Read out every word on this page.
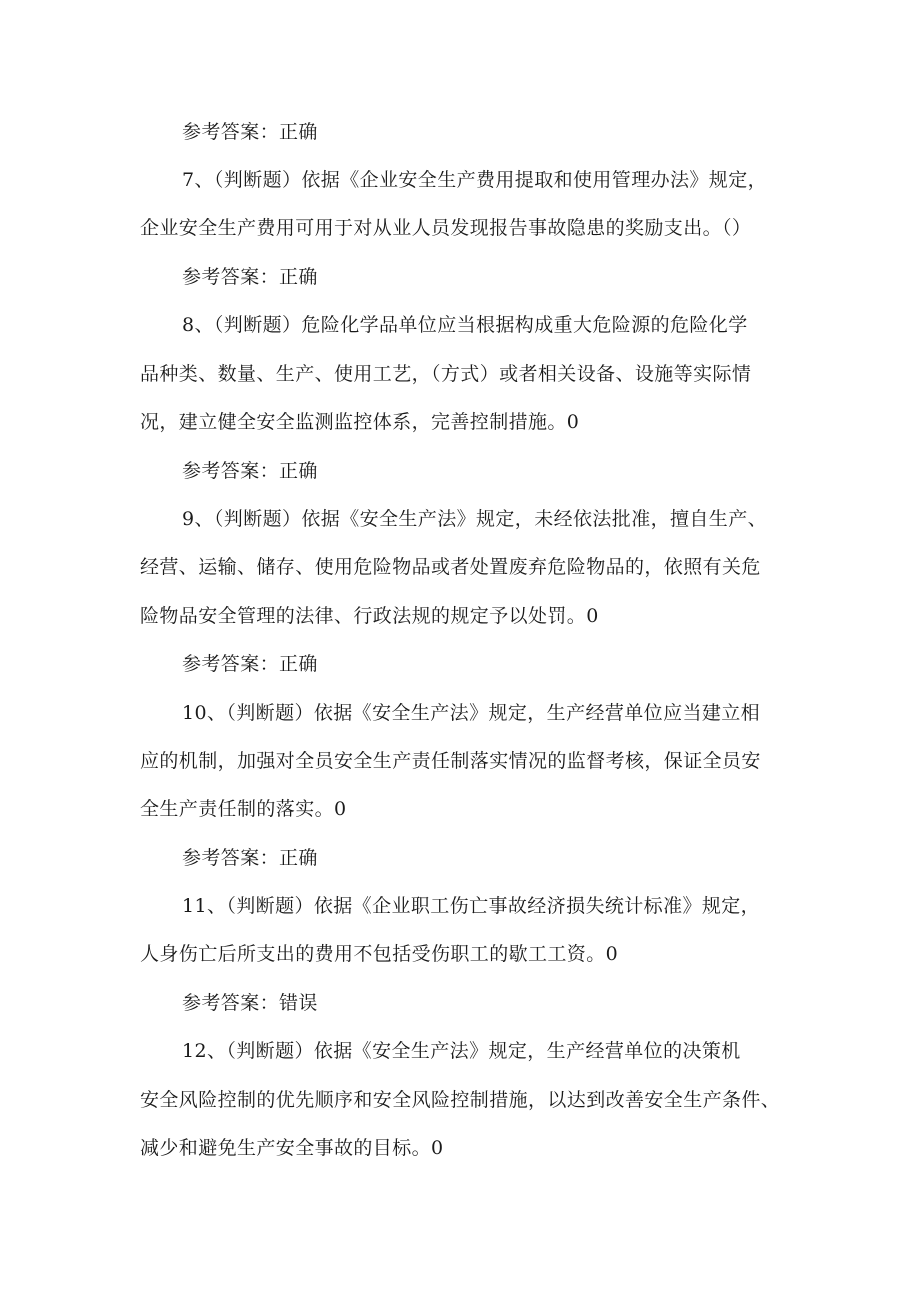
参考答案：正确
7、（判断题）依据《企业安全生产费用提取和使用管理办法》规定，
企业安全生产费用可用于对从业人员发现报告事故隐患的奖励支出。（）
参考答案：正确
8、（判断题）危险化学品单位应当根据构成重大危险源的危险化学
品种类、数量、生产、使用工艺，（方式）或者相关设备、设施等实际情
况，建立健全安全监测监控体系，完善控制措施。0
参考答案：正确
9、（判断题）依据《安全生产法》规定，未经依法批准，擅自生产、
经营、运输、储存、使用危险物品或者处置废弃危险物品的，依照有关危
险物品安全管理的法律、行政法规的规定予以处罚。0
参考答案：正确
10、（判断题）依据《安全生产法》规定，生产经营单位应当建立相
应的机制，加强对全员安全生产责任制落实情况的监督考核，保证全员安
全生产责任制的落实。0
参考答案：正确
11、（判断题）依据《企业职工伤亡事故经济损失统计标准》规定，
人身伤亡后所支出的费用不包括受伤职工的歇工工资。0
参考答案：错误
12、（判断题）依据《安全生产法》规定，生产经营单位的决策机
安全风险控制的优先顺序和安全风险控制措施，以达到改善安全生产条件、
减少和避免生产安全事故的目标。0
